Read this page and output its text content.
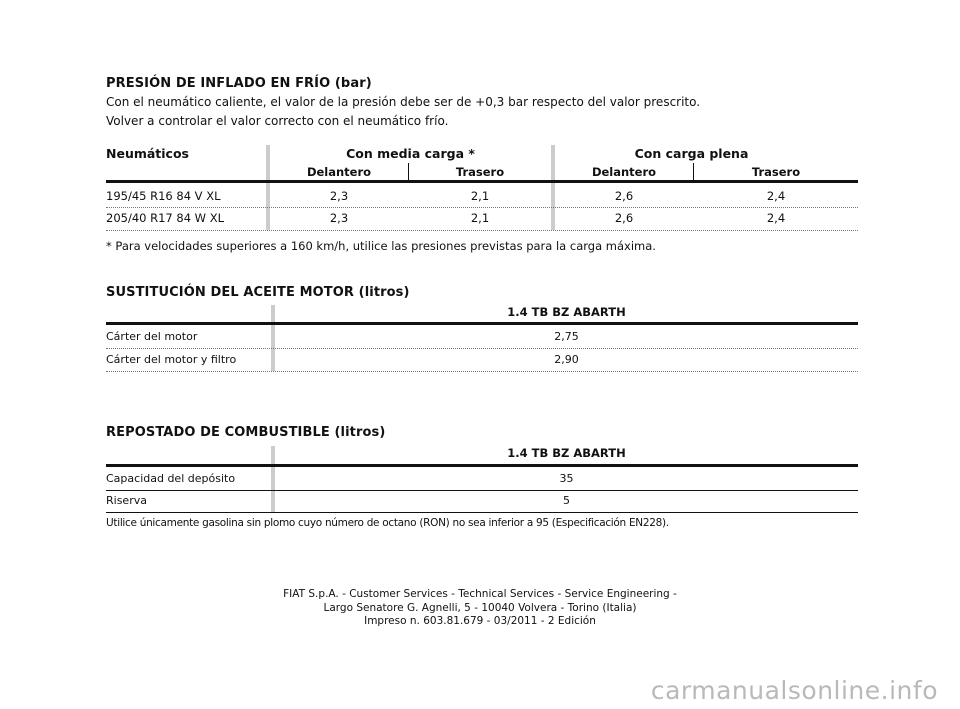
PRESIÓN DE INFLADO EN FRÍO (bar)
Con el neumático caliente, el valor de la presión debe ser de +0,3 bar respecto del valor prescrito.
Volver a controlar el valor correcto con el neumático frío.
Neumáticos	Con media carga *	Con carga plena
Delantero	Trasero	Delantero	Trasero
195/45 R16 84 V XL	2,3	2,1	2,6	2,4
205/40 R17 84 W XL	2,3	2,1	2,6	2,4
* Para velocidades superiores a 160 km/h, utilice las presiones previstas para la carga máxima.
SUSTITUCIÓN DEL ACEITE MOTOR (litros)
1.4 TB BZ ABARTH
Cárter del motor	2,75
Cárter del motor y filtro	2,90
REPOSTADO DE COMBUSTIBLE (litros)
1.4 TB BZ ABARTH
Capacidad del depósito	35
Riserva	5
Utilice únicamente gasolina sin plomo cuyo número de octano (RON) no sea inferior a 95 (Especificación EN228).
FIAT S.p.A. - Customer Services - Technical Services - Service Engineering -
Largo Senatore G. Agnelli, 5 - 10040 Volvera - Torino (Italia)
Impreso n. 603.81.679 - 03/2011 - 2 Edición
carmanualsonline.info
